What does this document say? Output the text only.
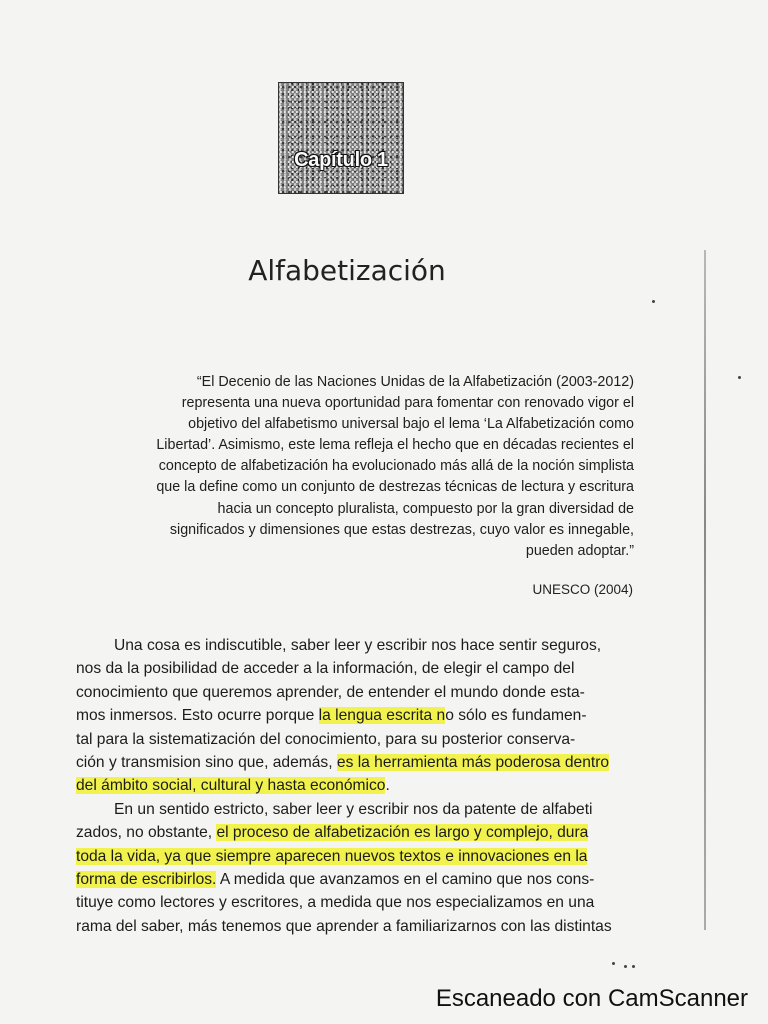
Capítulo 1
Alfabetización
“El Decenio de las Naciones Unidas de la Alfabetización (2003-2012)
representa una nueva oportunidad para fomentar con renovado vigor el
objetivo del alfabetismo universal bajo el lema ‘La Alfabetización como
Libertad’. Asimismo, este lema refleja el hecho que en décadas recientes el
concepto de alfabetización ha evolucionado más allá de la noción simplista
que la define como un conjunto de destrezas técnicas de lectura y escritura
hacia un concepto pluralista, compuesto por la gran diversidad de
significados y dimensiones que estas destrezas, cuyo valor es innegable,
pueden adoptar.”
UNESCO (2004)
Una cosa es indiscutible, saber leer y escribir nos hace sentir seguros,
nos da la posibilidad de acceder a la información, de elegir el campo del
conocimiento que queremos aprender, de entender el mundo donde esta-
mos inmersos. Esto ocurre porque la lengua escrita no sólo es fundamen-
tal para la sistematización del conocimiento, para su posterior conserva-
ción y transmision sino que, además, es la herramienta más poderosa dentro
del ámbito social, cultural y hasta económico.
En un sentido estricto, saber leer y escribir nos da patente de alfabeti
zados, no obstante, el proceso de alfabetización es largo y complejo, dura
toda la vida, ya que siempre aparecen nuevos textos e innovaciones en la
forma de escribirlos. A medida que avanzamos en el camino que nos cons-
tituye como lectores y escritores, a medida que nos especializamos en una
rama del saber, más tenemos que aprender a familiarizarnos con las distintas
Escaneado con CamScanner
